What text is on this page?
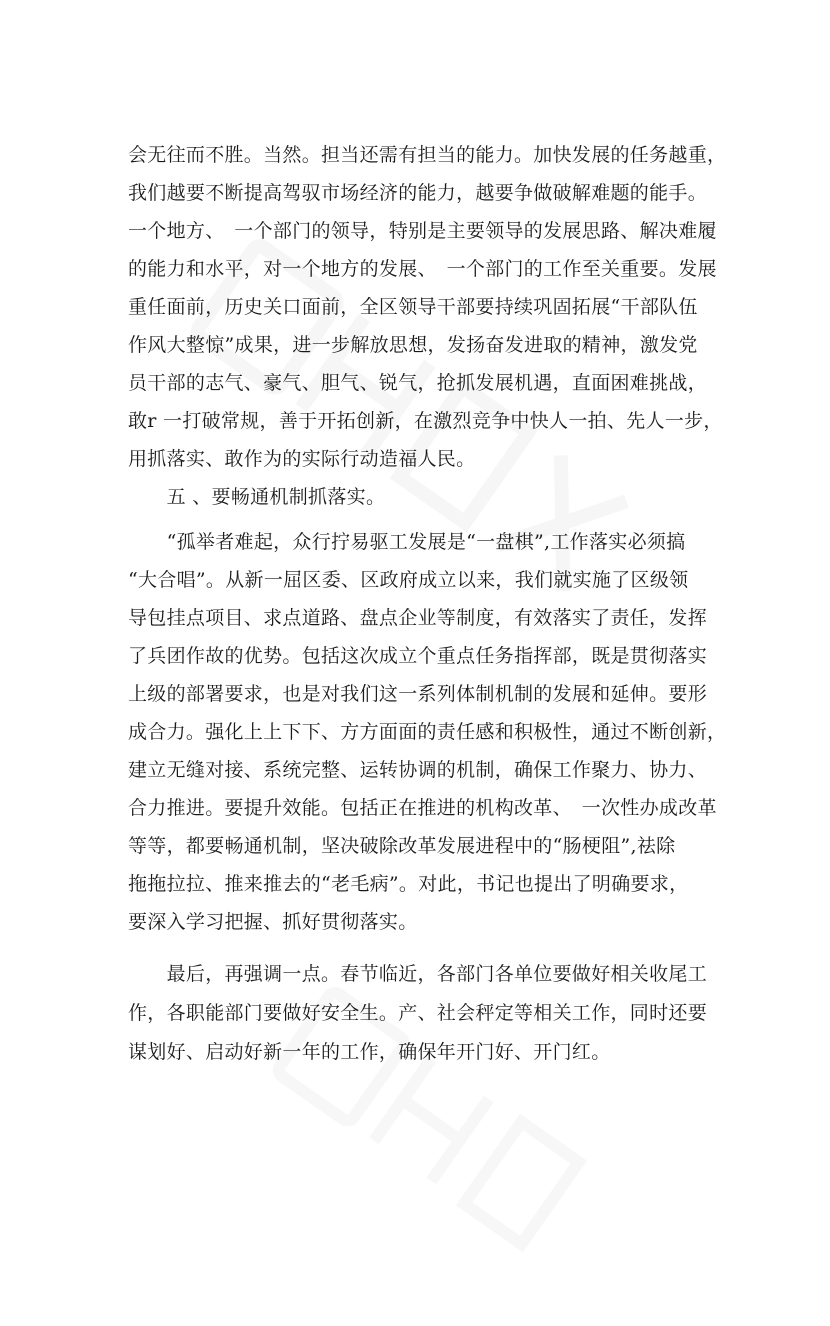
会无往而不胜。当然。担当还需有担当的能力。加快发展的任务越重，
我们越要不断提高驾驭市场经济的能力，越要争做破解难题的能手。
一个地方、　一个部门的领导，特别是主要领导的发展思路、解决难履
的能力和水平，对一个地方的发展、　一个部门的工作至关重要。发展
重任面前，历史关口面前，全区领导干部要持续巩固拓展“干部队伍
作风大整惊”成果，进一步解放思想，发扬奋发进取的精神，激发党
员干部的志气、豪气、胆气、锐气，抢抓发展机遇，直面困难挑战，
敢r 一打破常规，善于开拓创新，在激烈竞争中快人一拍、先人一步，
用抓落实、敢作为的实际行动造福人民。
　　五 、要畅通机制抓落实。
　　“孤举者难起，众行拧易驱工发展是“一盘棋”,工作落实必须搞
“大合唱”。从新一屈区委、区政府成立以来，我们就实施了区级领
导包挂点项目、求点道路、盘点企业等制度，有效落实了责任，发挥
了兵团作故的优势。包括这次成立个重点任务指挥部，既是贯彻落实
上级的部署要求，也是对我们这一系列体制机制的发展和延伸。要形
成合力。强化上上下下、方方面面的责任感和积极性，通过不断创新，
建立无缝对接、系统完整、运转协调的机制，确保工作聚力、协力、
合力推进。要提升效能。包括正在推进的机构改革、　一次性办成改革
等等，都要畅通机制，坚决破除改革发展进程中的“肠梗阻”,祛除
拖拖拉拉、推来推去的“老毛病”。对此，书记也提出了明确要求，
要深入学习把握、抓好贯彻落实。
　　最后，再强调一点。春节临近，各部门各单位要做好相关收尾工
作，各职能部门要做好安全生。产、社会秤定等相关工作，同时还要
谋划好、启动好新一年的工作，确保年开门好、开门红。
